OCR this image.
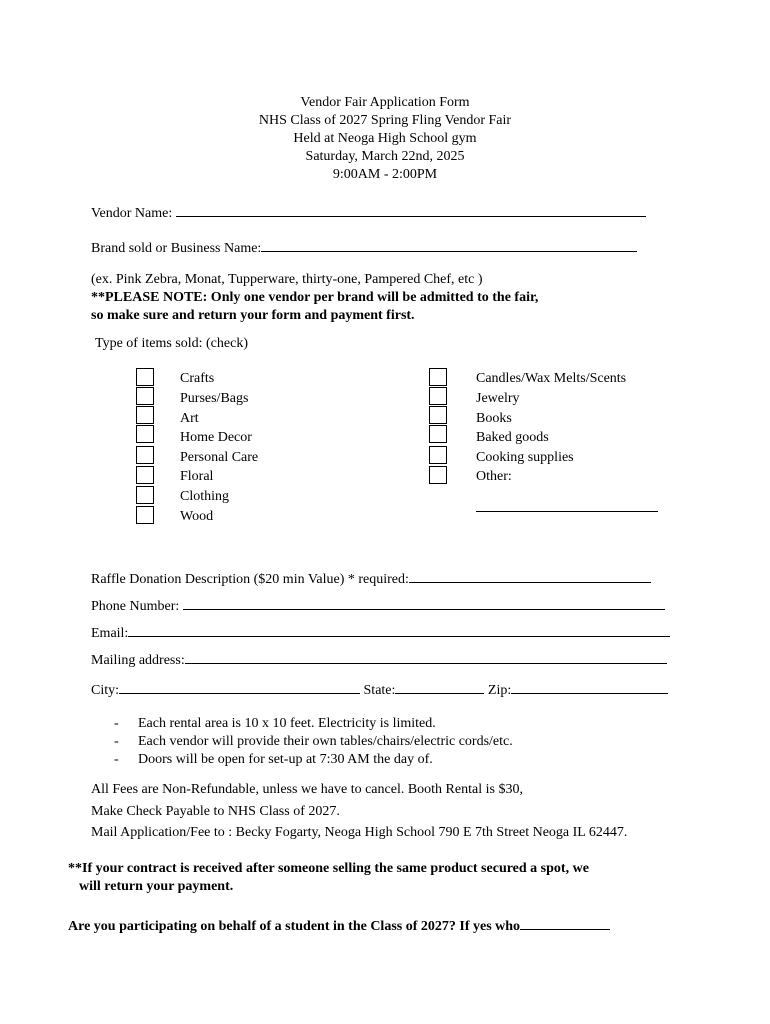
Vendor Fair Application Form
NHS Class of 2027 Spring Fling Vendor Fair
Held at Neoga High School gym
Saturday, March 22nd, 2025
9:00AM - 2:00PM
Vendor Name:
Brand sold or Business Name:
(ex. Pink Zebra, Monat, Tupperware, thirty-one, Pampered Chef, etc )
**PLEASE NOTE: Only one vendor per brand will be admitted to the fair,
so make sure and return your form and payment first.
Type of items sold: (check)
Crafts
Purses/Bags
Art
Home Decor
Personal Care
Floral
Clothing
Wood
Candles/Wax Melts/Scents
Jewelry
Books
Baked goods
Cooking supplies
Other:
Raffle Donation Description ($20 min Value) * required:
Phone Number:
Email:
Mailing address:
City:	State:	Zip:
- Each rental area is 10 x 10 feet. Electricity is limited.
- Each vendor will provide their own tables/chairs/electric cords/etc.
- Doors will be open for set-up at 7:30 AM the day of.
All Fees are Non-Refundable, unless we have to cancel. Booth Rental is $30,
Make Check Payable to NHS Class of 2027.
Mail Application/Fee to : Becky Fogarty, Neoga High School 790 E 7th Street Neoga IL 62447.
**If your contract is received after someone selling the same product secured a spot, we
will return your payment.
Are you participating on behalf of a student in the Class of 2027? If yes who
